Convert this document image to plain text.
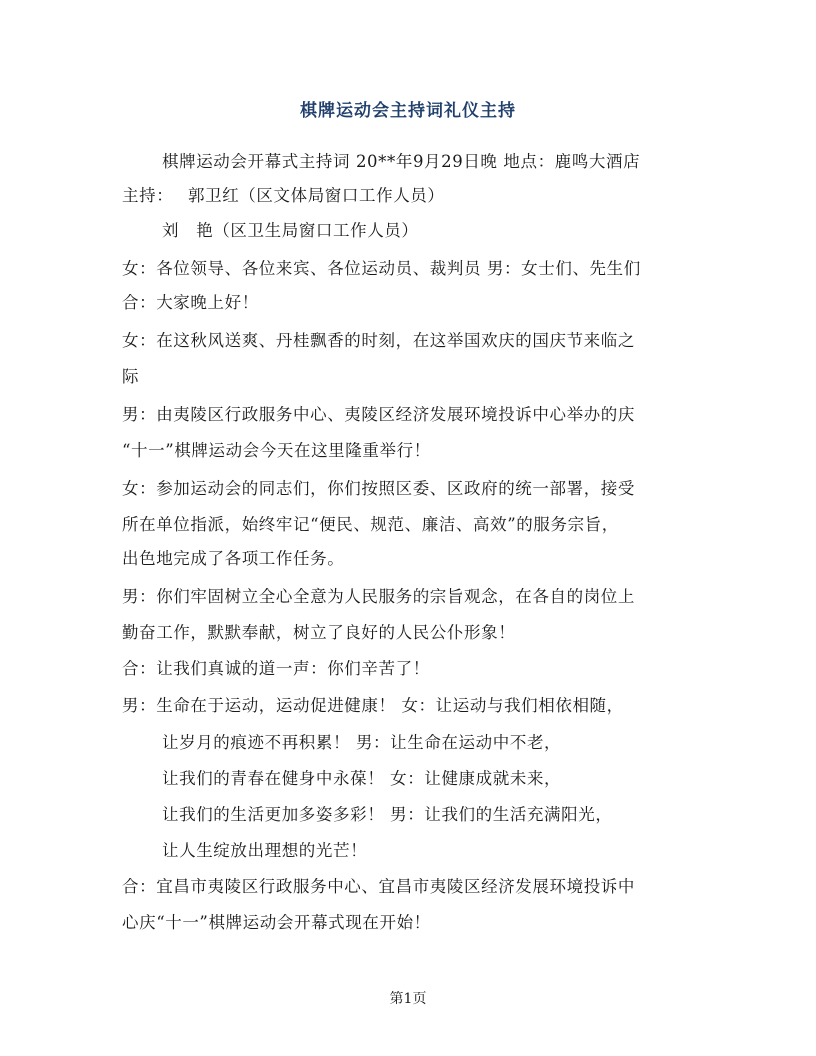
棋牌运动会主持词礼仪主持
棋牌运动会开幕式主持词 20**年9月29日晚 地点：鹿鸣大酒店
主持：　 郭卫红（区文体局窗口工作人员）
刘　艳（区卫生局窗口工作人员）
女：各位领导、各位来宾、各位运动员、裁判员 男：女士们、先生们
合：大家晚上好！
女：在这秋风送爽、丹桂飘香的时刻，在这举国欢庆的国庆节来临之
际
男：由夷陵区行政服务中心、夷陵区经济发展环境投诉中心举办的庆
“十一”棋牌运动会今天在这里隆重举行！
女：参加运动会的同志们，你们按照区委、区政府的统一部署，接受
所在单位指派，始终牢记“便民、规范、廉洁、高效”的服务宗旨，
出色地完成了各项工作任务。
男：你们牢固树立全心全意为人民服务的宗旨观念，在各自的岗位上
勤奋工作，默默奉献，树立了良好的人民公仆形象！
合：让我们真诚的道一声：你们辛苦了！
男：生命在于运动，运动促进健康！ 女：让运动与我们相依相随，
让岁月的痕迹不再积累！ 男：让生命在运动中不老，
让我们的青春在健身中永葆！ 女：让健康成就未来，
让我们的生活更加多姿多彩！ 男：让我们的生活充满阳光，
让人生绽放出理想的光芒！
合：宜昌市夷陵区行政服务中心、宜昌市夷陵区经济发展环境投诉中
心庆“十一”棋牌运动会开幕式现在开始！
第1页
